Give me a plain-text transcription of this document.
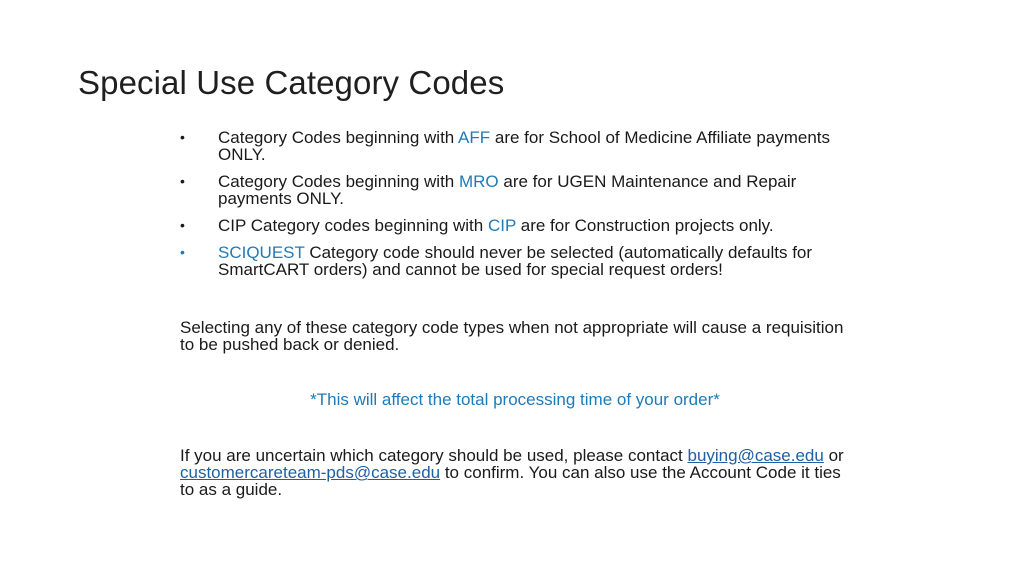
Special Use Category Codes
• Category Codes beginning with AFF are for School of Medicine Affiliate payments ONLY.
• Category Codes beginning with MRO are for UGEN Maintenance and Repair payments ONLY.
• CIP Category codes beginning with CIP are for Construction projects only.
• SCIQUEST Category code should never be selected (automatically defaults for SmartCART orders) and cannot be used for special request orders!

Selecting any of these category code types when not appropriate will cause a requisition to be pushed back or denied.

*This will affect the total processing time of your order*

If you are uncertain which category should be used, please contact buying@case.edu or customercareteam-pds@case.edu to confirm. You can also use the Account Code it ties to as a guide.
